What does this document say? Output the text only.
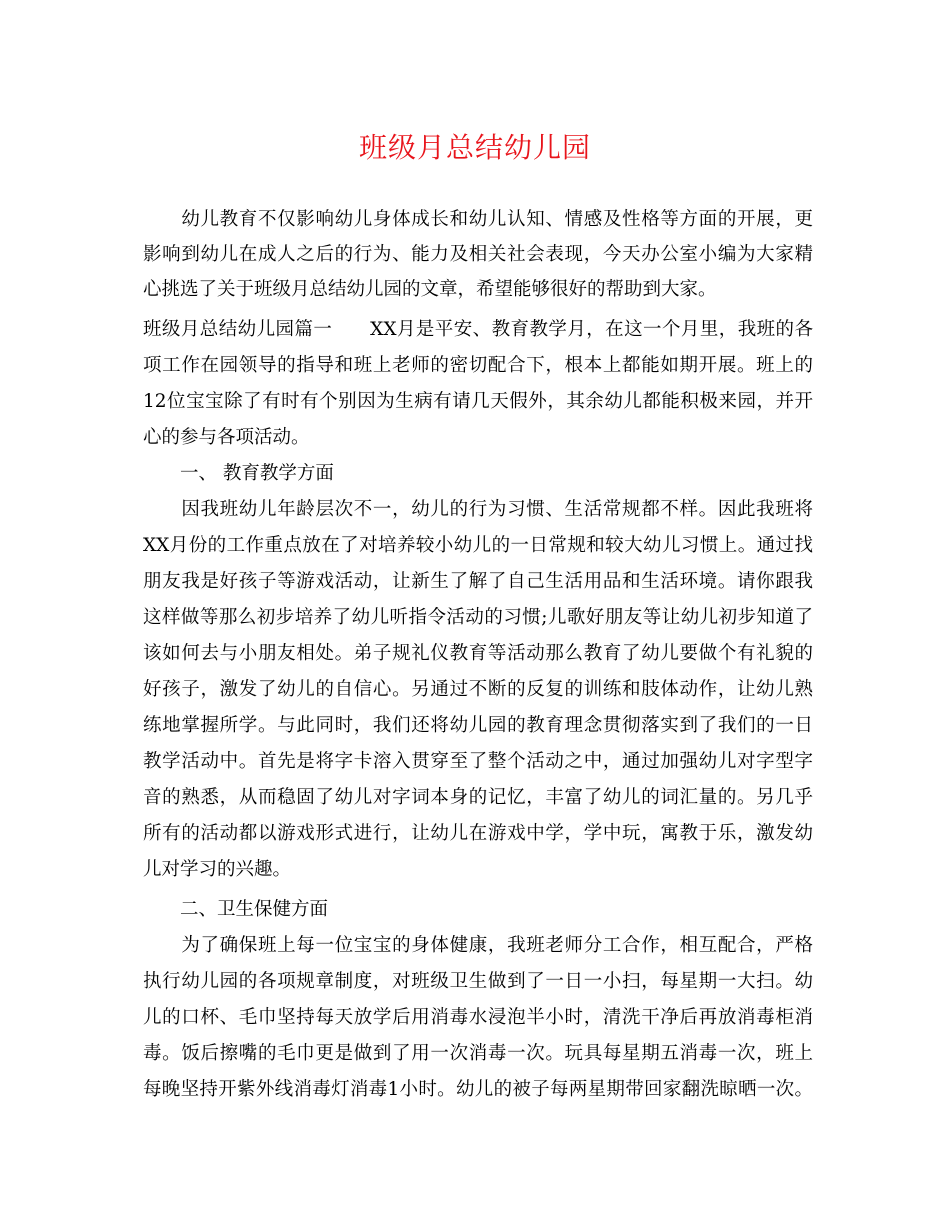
班级月总结幼儿园
　　幼儿教育不仅影响幼儿身体成长和幼儿认知、情感及性格等方面的开展，更
影响到幼儿在成人之后的行为、能力及相关社会表现，今天办公室小编为大家精
心挑选了关于班级月总结幼儿园的文章，希望能够很好的帮助到大家。
班级月总结幼儿园篇一　　XX月是平安、教育教学月，在这一个月里，我班的各
项工作在园领导的指导和班上老师的密切配合下，根本上都能如期开展。班上的
12位宝宝除了有时有个别因为生病有请几天假外，其余幼儿都能积极来园，并开
心的参与各项活动。
　　一、 教育教学方面
　　因我班幼儿年龄层次不一，幼儿的行为习惯、生活常规都不样。因此我班将
XX月份的工作重点放在了对培养较小幼儿的一日常规和较大幼儿习惯上。通过找
朋友我是好孩子等游戏活动，让新生了解了自己生活用品和生活环境。请你跟我
这样做等那么初步培养了幼儿听指令活动的习惯;儿歌好朋友等让幼儿初步知道了
该如何去与小朋友相处。弟子规礼仪教育等活动那么教育了幼儿要做个有礼貌的
好孩子，激发了幼儿的自信心。另通过不断的反复的训练和肢体动作，让幼儿熟
练地掌握所学。与此同时，我们还将幼儿园的教育理念贯彻落实到了我们的一日
教学活动中。首先是将字卡溶入贯穿至了整个活动之中，通过加强幼儿对字型字
音的熟悉，从而稳固了幼儿对字词本身的记忆，丰富了幼儿的词汇量的。另几乎
所有的活动都以游戏形式进行，让幼儿在游戏中学，学中玩，寓教于乐，激发幼
儿对学习的兴趣。
　　二、卫生保健方面
　　为了确保班上每一位宝宝的身体健康，我班老师分工合作，相互配合，严格
执行幼儿园的各项规章制度，对班级卫生做到了一日一小扫，每星期一大扫。幼
儿的口杯、毛巾坚持每天放学后用消毒水浸泡半小时，清洗干净后再放消毒柜消
毒。饭后擦嘴的毛巾更是做到了用一次消毒一次。玩具每星期五消毒一次，班上
每晚坚持开紫外线消毒灯消毒1小时。幼儿的被子每两星期带回家翻洗晾晒一次。
